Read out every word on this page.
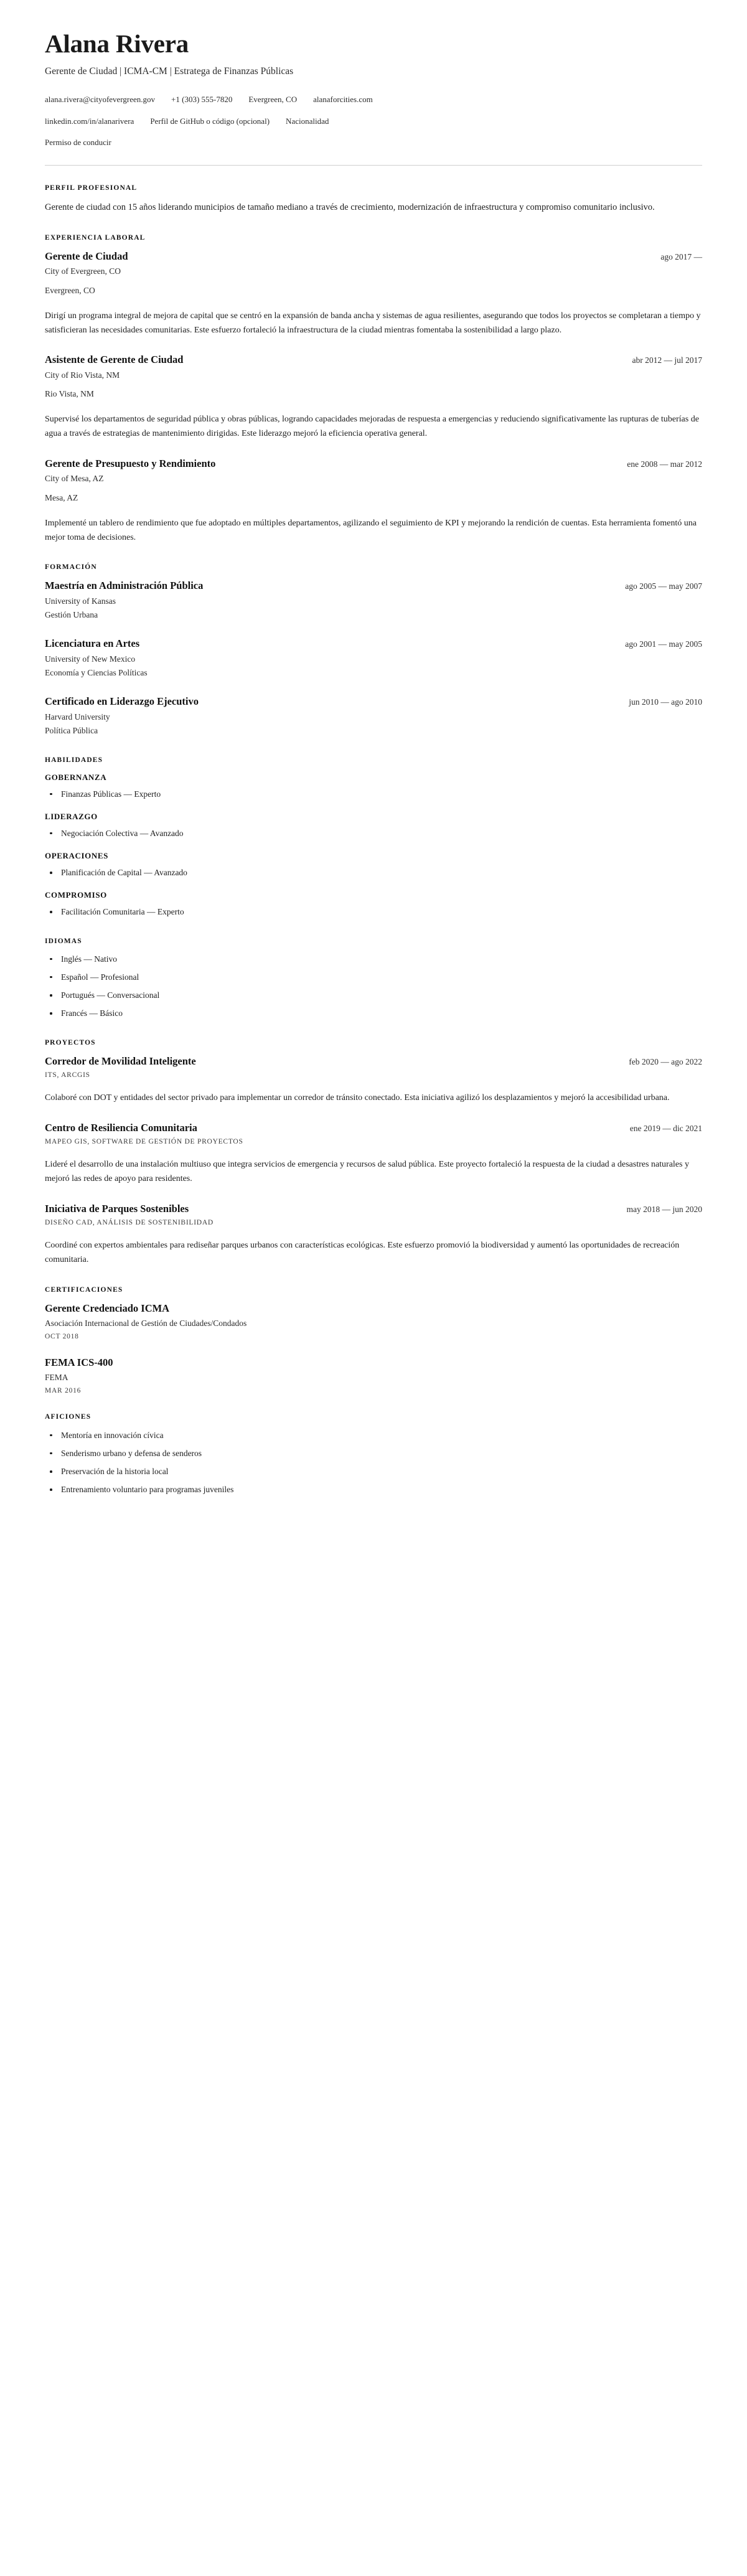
Alana Rivera
Gerente de Ciudad | ICMA-CM | Estratega de Finanzas Públicas
alana.rivera@cityofevergreen.gov +1 (303) 555-7820 Evergreen, CO alanaforcities.com
linkedin.com/in/alanarivera Perfil de GitHub o código (opcional) Nacionalidad
Permiso de conducir
PERFIL PROFESIONAL

Gerente de ciudad con 15 años liderando municipios de tamaño mediano a través de crecimiento, modernización de infraestructura y compromiso comunitario inclusivo.

EXPERIENCIA LABORAL
Gerente de Ciudad	ago 2017 —
City of Evergreen, CO
Evergreen, CO

Dirigí un programa integral de mejora de capital que se centró en la expansión de banda ancha y sistemas de agua resilientes, asegurando que todos los proyectos se completaran a tiempo y satisficieran las necesidades comunitarias. Este esfuerzo fortaleció la infraestructura de la ciudad mientras fomentaba la sostenibilidad a largo plazo.

Asistente de Gerente de Ciudad	abr 2012 — jul 2017
City of Rio Vista, NM
Rio Vista, NM

Supervisé los departamentos de seguridad pública y obras públicas, logrando capacidades mejoradas de respuesta a emergencias y reduciendo significativamente las rupturas de tuberías de agua a través de estrategias de mantenimiento dirigidas. Este liderazgo mejoró la eficiencia operativa general.

Gerente de Presupuesto y Rendimiento	ene 2008 — mar 2012
City of Mesa, AZ
Mesa, AZ

Implementé un tablero de rendimiento que fue adoptado en múltiples departamentos, agilizando el seguimiento de KPI y mejorando la rendición de cuentas. Esta herramienta fomentó una mejor toma de decisiones.

FORMACIÓN
Maestría en Administración Pública	ago 2005 — may 2007
University of Kansas
Gestión Urbana
Licenciatura en Artes	ago 2001 — may 2005
University of New Mexico
Economía y Ciencias Políticas
Certificado en Liderazgo Ejecutivo	jun 2010 — ago 2010
Harvard University
Política Pública
HABILIDADES
GOBERNANZA
Finanzas Públicas — Experto
LIDERAZGO
Negociación Colectiva — Avanzado
OPERACIONES
Planificación de Capital — Avanzado
COMPROMISO
Facilitación Comunitaria — Experto
IDIOMAS
Inglés — Nativo
Español — Profesional
Portugués — Conversacional
Francés — Básico
PROYECTOS
Corredor de Movilidad Inteligente	feb 2020 — ago 2022
ITS, ARCGIS

Colaboré con DOT y entidades del sector privado para implementar un corredor de tránsito conectado. Esta iniciativa agilizó los desplazamientos y mejoró la accesibilidad urbana.

Centro de Resiliencia Comunitaria	ene 2019 — dic 2021
MAPEO GIS, SOFTWARE DE GESTIÓN DE PROYECTOS

Lideré el desarrollo de una instalación multiuso que integra servicios de emergencia y recursos de salud pública. Este proyecto fortaleció la respuesta de la ciudad a desastres naturales y mejoró las redes de apoyo para residentes.

Iniciativa de Parques Sostenibles	may 2018 — jun 2020
DISEÑO CAD, ANÁLISIS DE SOSTENIBILIDAD

Coordiné con expertos ambientales para rediseñar parques urbanos con características ecológicas. Este esfuerzo promovió la biodiversidad y aumentó las oportunidades de recreación comunitaria.

CERTIFICACIONES
Gerente Credenciado ICMA
Asociación Internacional de Gestión de Ciudades/Condados
OCT 2018
FEMA ICS-400
FEMA
MAR 2016
AFICIONES
Mentoría en innovación cívica
Senderismo urbano y defensa de senderos
Preservación de la historia local
Entrenamiento voluntario para programas juveniles
